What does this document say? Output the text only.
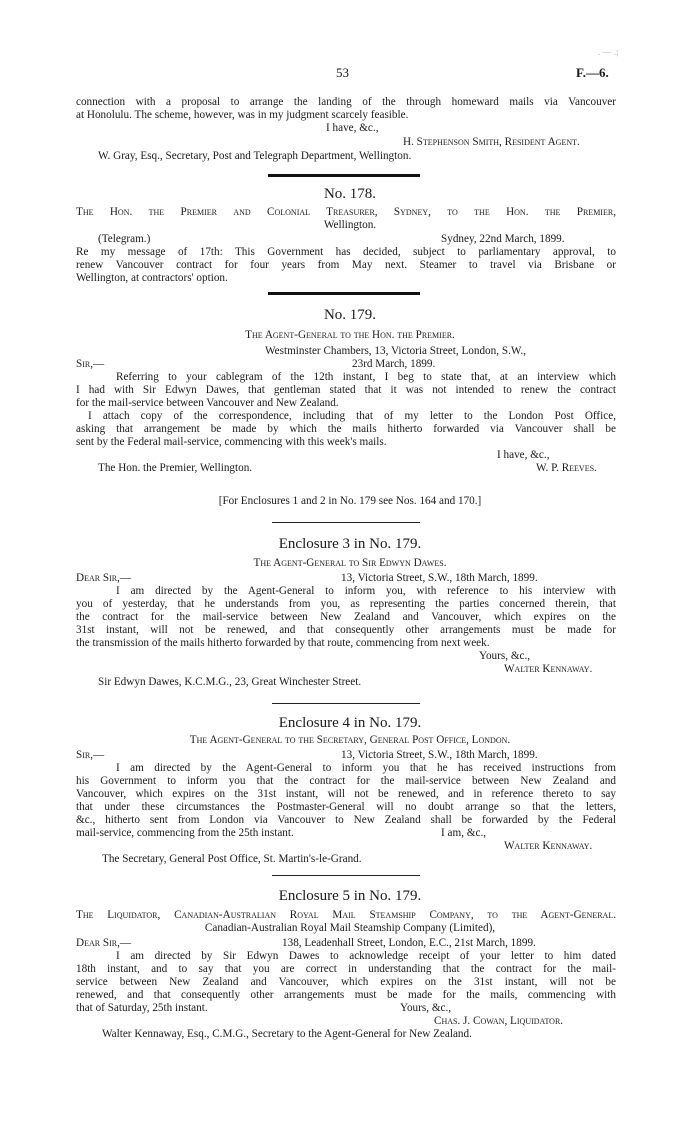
. — .;
53	F.—6.
connection with a proposal to arrange the landing of the through homeward mails via Vancouver
at Honolulu. The scheme, however, was in my judgment scarcely feasible.
I have, &c.,
H. Stephenson Smith, Resident Agent.
W. Gray, Esq., Secretary, Post and Telegraph Department, Wellington.
No. 178.
The Hon. the Premier and Colonial Treasurer, Sydney, to the Hon. the Premier,
Wellington.
(Telegram.)	Sydney, 22nd March, 1899.
Re my message of 17th: This Government has decided, subject to parliamentary approval, to
renew Vancouver contract for four years from May next. Steamer to travel via Brisbane or
Wellington, at contractors' option.
No. 179.
The Agent-General to the Hon. the Premier.
Westminster Chambers, 13, Victoria Street, London, S.W.,
Sir,—	23rd March, 1899.
Referring to your cablegram of the 12th instant, I beg to state that, at an interview which
I had with Sir Edwyn Dawes, that gentleman stated that it was not intended to renew the contract
for the mail-service between Vancouver and New Zealand.
I attach copy of the correspondence, including that of my letter to the London Post Office,
asking that arrangement be made by which the mails hitherto forwarded via Vancouver shall be
sent by the Federal mail-service, commencing with this week's mails.
I have, &c.,
The Hon. the Premier, Wellington.	W. P. Reeves.
[For Enclosures 1 and 2 in No. 179 see Nos. 164 and 170.]
Enclosure 3 in No. 179.
The Agent-General to Sir Edwyn Dawes.
Dear Sir,—	13, Victoria Street, S.W., 18th March, 1899.
I am directed by the Agent-General to inform you, with reference to his interview with
you of yesterday, that he understands from you, as representing the parties concerned therein, that
the contract for the mail-service between New Zealand and Vancouver, which expires on the
31st instant, will not be renewed, and that consequently other arrangements must be made for
the transmission of the mails hitherto forwarded by that route, commencing from next week.
Yours, &c.,
Walter Kennaway.
Sir Edwyn Dawes, K.C.M.G., 23, Great Winchester Street.
Enclosure 4 in No. 179.
The Agent-General to the Secretary, General Post Office, London.
Sir,—	13, Victoria Street, S.W., 18th March, 1899.
I am directed by the Agent-General to inform you that he has received instructions from
his Government to inform you that the contract for the mail-service between New Zealand and
Vancouver, which expires on the 31st instant, will not be renewed, and in reference thereto to say
that under these circumstances the Postmaster-General will no doubt arrange so that the letters,
&c., hitherto sent from London via Vancouver to New Zealand shall be forwarded by the Federal
mail-service, commencing from the 25th instant.	I am, &c.,
Walter Kennaway.
The Secretary, General Post Office, St. Martin's-le-Grand.
Enclosure 5 in No. 179.
The Liquidator, Canadian-Australian Royal Mail Steamship Company, to the Agent-General.
Canadian-Australian Royal Mail Steamship Company (Limited),
Dear Sir,—	138, Leadenhall Street, London, E.C., 21st March, 1899.
I am directed by Sir Edwyn Dawes to acknowledge receipt of your letter to him dated
18th instant, and to say that you are correct in understanding that the contract for the mail-
service between New Zealand and Vancouver, which expires on the 31st instant, will not be
renewed, and that consequently other arrangements must be made for the mails, commencing with
that of Saturday, 25th instant.	Yours, &c.,
Chas. J. Cowan, Liquidator.
Walter Kennaway, Esq., C.M.G., Secretary to the Agent-General for New Zealand.
